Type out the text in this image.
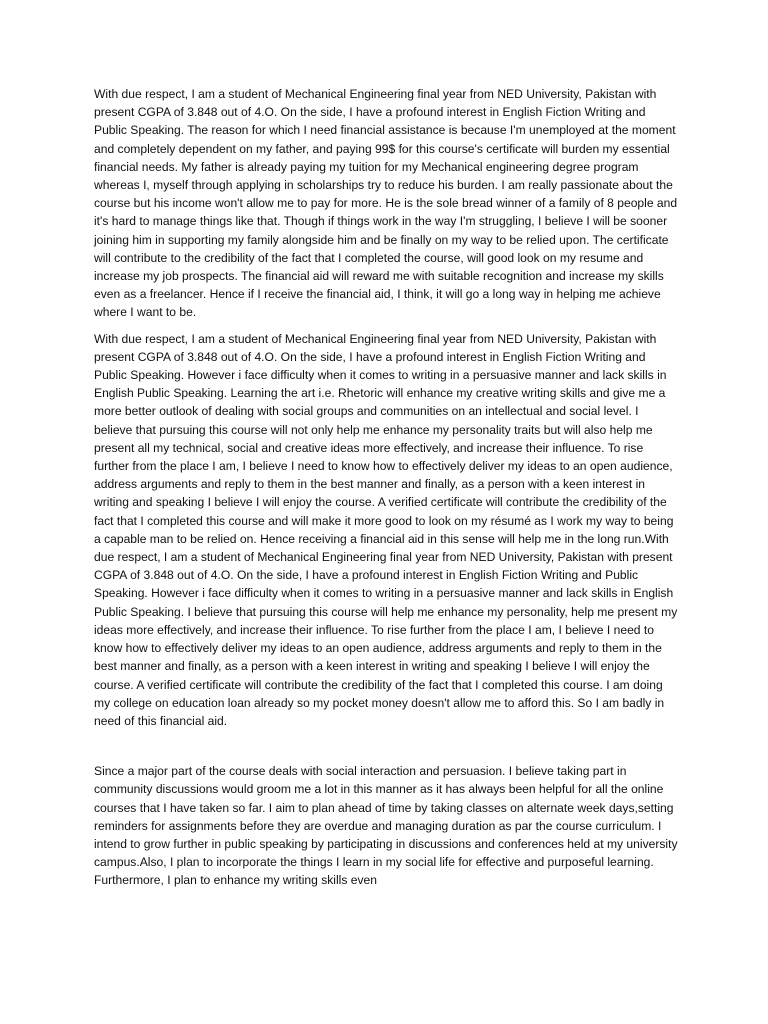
With due respect, I am a student of Mechanical Engineering final year from NED University, Pakistan with present CGPA of 3.848 out of 4.O. On the side, I have a profound interest in English Fiction Writing and Public Speaking. The reason for which I need financial assistance is because I'm unemployed at the moment and completely dependent on my father, and paying 99$ for this course's certificate will burden my essential financial needs. My father is already paying my tuition for my Mechanical engineering degree program whereas I, myself through applying in scholarships try to reduce his burden. I am really passionate about the course but his income won't allow me to pay for more. He is the sole bread winner of a family of 8 people and it's hard to manage things like that. Though if things work in the way I'm struggling, I believe I will be sooner joining him in supporting my family alongside him and be finally on my way to be relied upon. The certificate will contribute to the credibility of the fact that I completed the course, will good look on my resume and increase my job prospects. The financial aid will reward me with suitable recognition and increase my skills even as a freelancer. Hence if I receive the financial aid, I think, it will go a long way in helping me achieve where I want to be.

With due respect, I am a student of Mechanical Engineering final year from NED University, Pakistan with present CGPA of 3.848 out of 4.O. On the side, I have a profound interest in English Fiction Writing and Public Speaking. However i face difficulty when it comes to writing in a persuasive manner and lack skills in English Public Speaking. Learning the art i.e. Rhetoric will enhance my creative writing skills and give me a more better outlook of dealing with social groups and communities on an intellectual and social level. I believe that pursuing this course will not only help me enhance my personality traits but will also help me present all my technical, social and creative ideas more effectively, and increase their influence. To rise further from the place I am, I believe I need to know how to effectively deliver my ideas to an open audience, address arguments and reply to them in the best manner and finally, as a person with a keen interest in writing and speaking I believe I will enjoy the course. A verified certificate will contribute the credibility of the fact that I completed this course and will make it more good to look on my résumé as I work my way to being a capable man to be relied on. Hence receiving a financial aid in this sense will help me in the long run.With due respect, I am a student of Mechanical Engineering final year from NED University, Pakistan with present CGPA of 3.848 out of 4.O. On the side, I have a profound interest in English Fiction Writing and Public Speaking. However i face difficulty when it comes to writing in a persuasive manner and lack skills in English Public Speaking. I believe that pursuing this course will help me enhance my personality, help me present my ideas more effectively, and increase their influence. To rise further from the place I am, I believe I need to know how to effectively deliver my ideas to an open audience, address arguments and reply to them in the best manner and finally, as a person with a keen interest in writing and speaking I believe I will enjoy the course. A verified certificate will contribute the credibility of the fact that I completed this course. I am doing my college on education loan already so my pocket money doesn't allow me to afford this. So I am badly in need of this financial aid.

Since a major part of the course deals with social interaction and persuasion. I believe taking part in community discussions would groom me a lot in this manner as it has always been helpful for all the online courses that I have taken so far. I aim to plan ahead of time by taking classes on alternate week days,setting reminders for assignments before they are overdue and managing duration as par the course curriculum. I intend to grow further in public speaking by participating in discussions and conferences held at my university campus.Also, I plan to incorporate the things I learn in my social life for effective and purposeful learning. Furthermore, I plan to enhance my writing skills even
